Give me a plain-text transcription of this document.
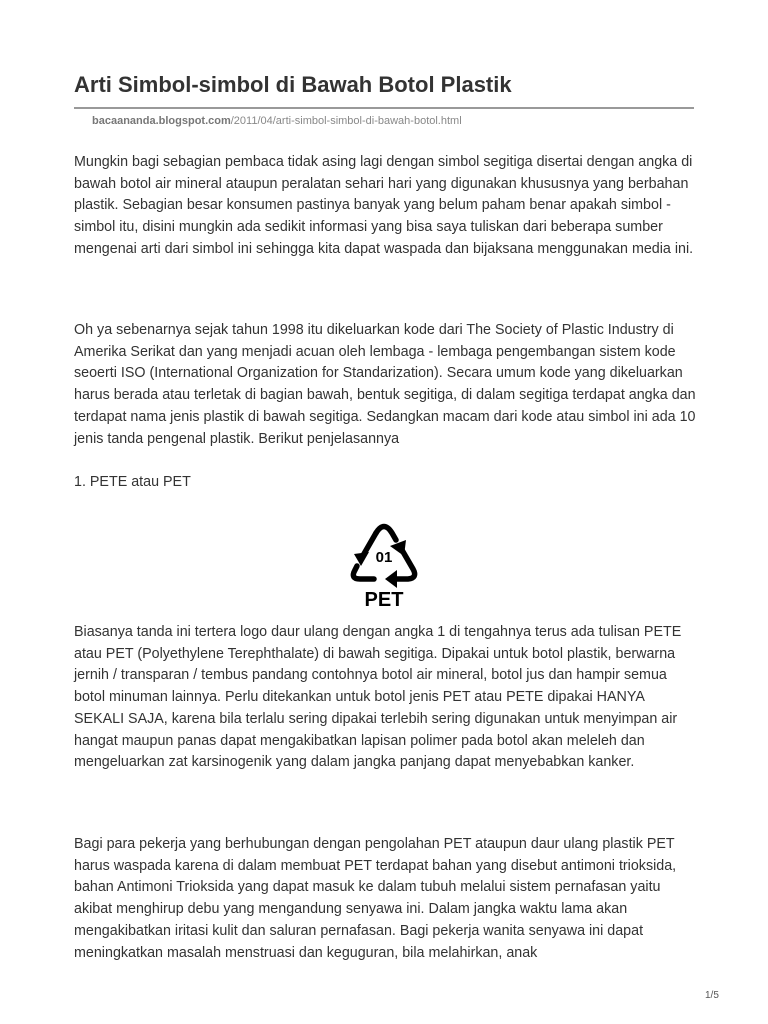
Arti Simbol-simbol di Bawah Botol Plastik
bacaananda.blogspot.com/2011/04/arti-simbol-simbol-di-bawah-botol.html

Mungkin bagi sebagian pembaca tidak asing lagi dengan simbol segitiga disertai dengan angka di bawah botol air mineral ataupun peralatan sehari hari yang digunakan khususnya yang berbahan plastik. Sebagian besar konsumen pastinya banyak yang belum paham benar apakah simbol - simbol itu, disini mungkin ada sedikit informasi yang bisa saya tuliskan dari beberapa sumber mengenai arti dari simbol ini sehingga kita dapat waspada dan bijaksana menggunakan media ini.

Oh ya sebenarnya sejak tahun 1998 itu dikeluarkan kode dari The Society of Plastic Industry di Amerika Serikat dan yang menjadi acuan oleh lembaga - lembaga pengembangan sistem kode seoerti ISO (International Organization for Standarization). Secara umum kode yang dikeluarkan harus berada atau terletak di bagian bawah, bentuk segitiga, di dalam segitiga terdapat angka dan terdapat nama jenis plastik di bawah segitiga. Sedangkan macam dari kode atau simbol ini ada 10 jenis tanda pengenal plastik. Berikut penjelasannya

1. PETE atau PET

01
PET

Biasanya tanda ini tertera logo daur ulang dengan angka 1 di tengahnya terus ada tulisan PETE atau PET (Polyethylene Terephthalate) di bawah segitiga. Dipakai untuk botol plastik, berwarna jernih / transparan / tembus pandang contohnya botol air mineral, botol jus dan hampir semua botol minuman lainnya. Perlu ditekankan untuk botol jenis PET atau PETE dipakai HANYA SEKALI SAJA, karena bila terlalu sering dipakai terlebih sering digunakan untuk menyimpan air hangat maupun panas dapat mengakibatkan lapisan polimer pada botol akan meleleh dan mengeluarkan zat karsinogenik yang dalam jangka panjang dapat menyebabkan kanker.

Bagi para pekerja yang berhubungan dengan pengolahan PET ataupun daur ulang plastik PET harus waspada karena di dalam membuat PET terdapat bahan yang disebut antimoni trioksida, bahan Antimoni Trioksida yang dapat masuk ke dalam tubuh melalui sistem pernafasan yaitu akibat menghirup debu yang mengandung senyawa ini. Dalam jangka waktu lama akan mengakibatkan iritasi kulit dan saluran pernafasan. Bagi pekerja wanita senyawa ini dapat meningkatkan masalah menstruasi dan keguguran, bila melahirkan, anak

1/5
